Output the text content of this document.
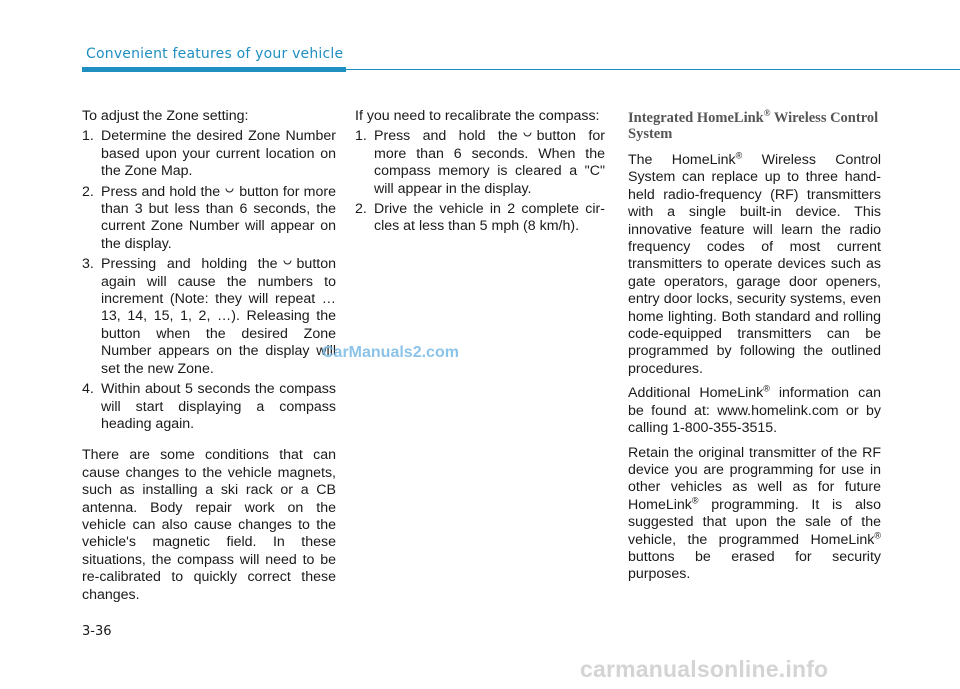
Convenient features of your vehicle

To adjust the Zone setting:

1. Determine the desired Zone Number based upon your current location on the Zone Map.
2. Press and hold the button for more than 3 but less than 6 seconds, the current Zone Number will appear on the display.
3. Pressing and holding the button again will cause the numbers to increment (Note: they will repeat …13, 14, 15, 1, 2, …). Releasing the button when the desired Zone Number appears on the display will set the new Zone.
4. Within about 5 seconds the compass will start displaying a compass heading again.

There are some conditions that can cause changes to the vehicle magnets, such as installing a ski rack or a CB antenna. Body repair work on the vehicle can also cause changes to the vehicle's magnetic field. In these situations, the compass will need to be re-calibrated to quickly correct these changes.

If you need to recalibrate the compass:

1. Press and hold the button for more than 6 seconds. When the compass memory is cleared a "C" will appear in the display.
2. Drive the vehicle in 2 complete circles at less than 5 mph (8 km/h).
Integrated HomeLink® Wireless Control System

The HomeLink® Wireless Control System can replace up to three handheld radio-frequency (RF) transmitters with a single built-in device. This innovative feature will learn the radio frequency codes of most current transmitters to operate devices such as gate operators, garage door openers, entry door locks, security systems, even home lighting. Both standard and rolling code-equipped transmitters can be programmed by following the outlined procedures.

Additional HomeLink® information can be found at: www.homelink.com or by calling 1-800-355-3515.

Retain the original transmitter of the RF device you are programming for use in other vehicles as well as for future HomeLink® programming. It is also suggested that upon the sale of the vehicle, the programmed HomeLink® buttons be erased for security purposes.

3-36
CarManuals2.com
carmanualsonline.info
